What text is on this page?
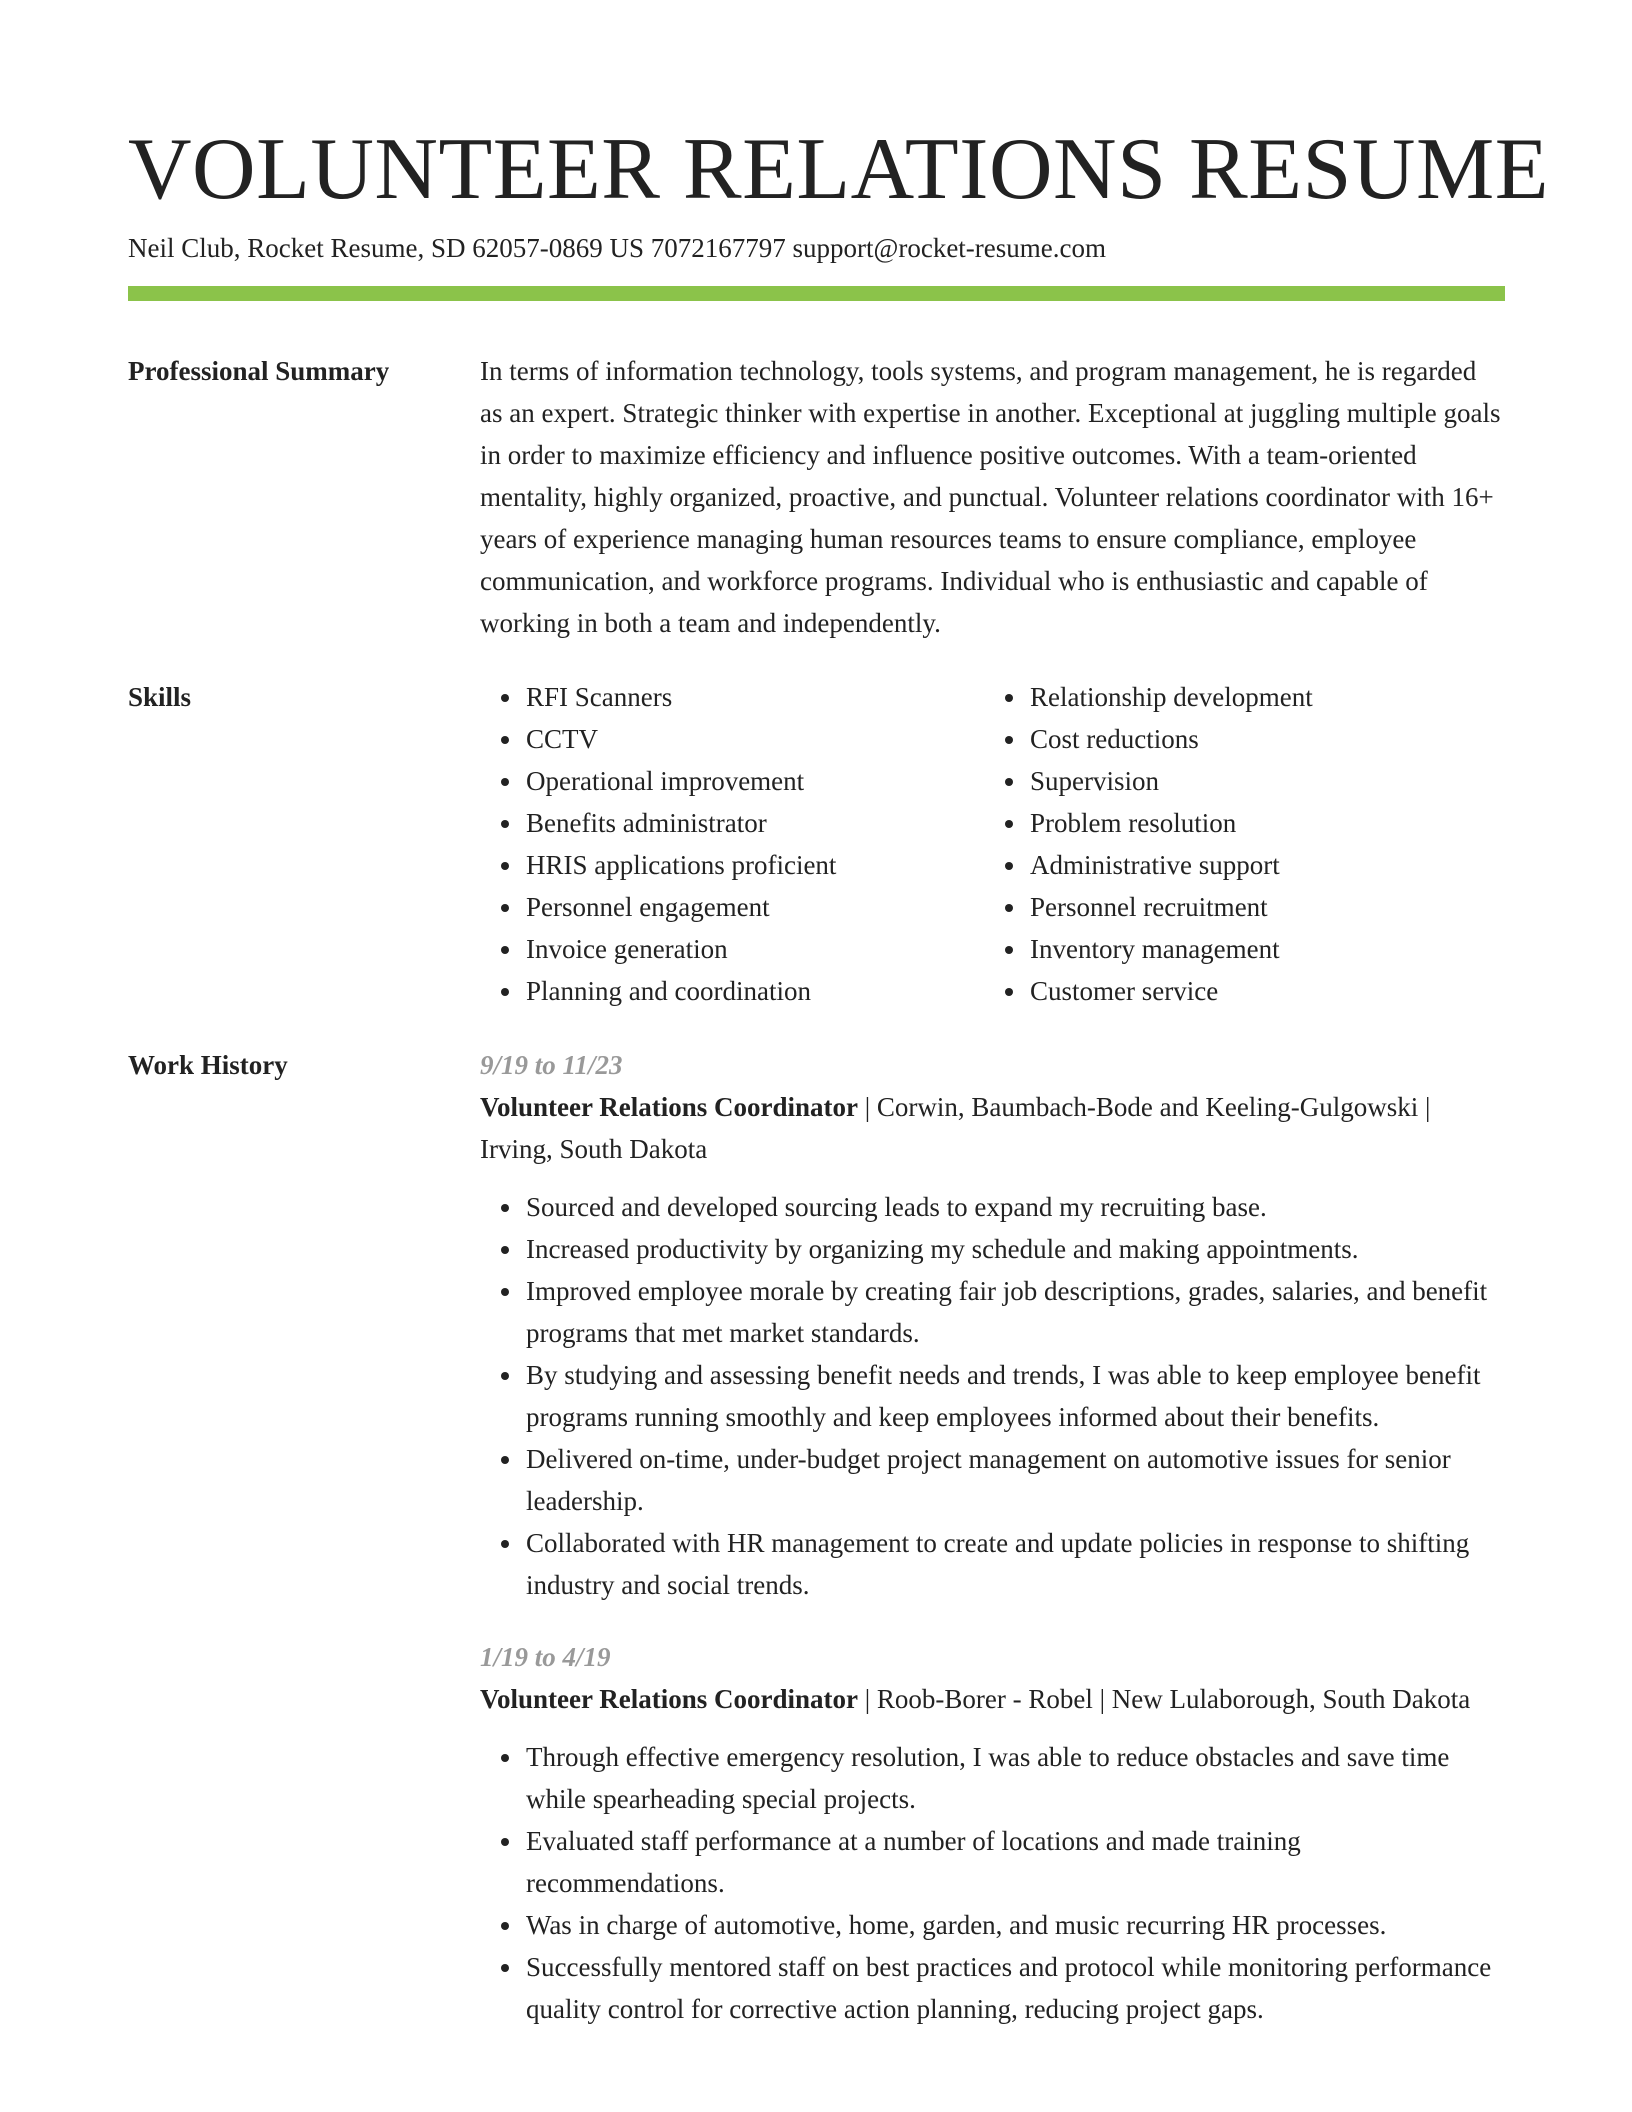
VOLUNTEER RELATIONS RESUME
Neil Club, Rocket Resume, SD 62057-0869 US 7072167797 support@rocket-resume.com
Professional Summary	In terms of information technology, tools systems, and program management, he is regarded as an expert. Strategic thinker with expertise in another. Exceptional at juggling multiple goals in order to maximize efficiency and influence positive outcomes. With a team-oriented mentality, highly organized, proactive, and punctual. Volunteer relations coordinator with 16+ years of experience managing human resources teams to ensure compliance, employee communication, and workforce programs. Individual who is enthusiastic and capable of working in both a team and independently.

Skills
•	RFI Scanners
• CCTV
• Operational improvement
• Benefits administrator
• HRIS applications proficient
• Personnel engagement
• Invoice generation
• Planning and coordination
• Relationship development
• Cost reductions
• Supervision
• Problem resolution
• Administrative support
• Personnel recruitment
• Inventory management
• Customer service
Work History	9/19 to 11/23
Volunteer Relations Coordinator | Corwin, Baumbach-Bode and Keeling-Gulgowski | Irving, South Dakota
• Sourced and developed sourcing leads to expand my recruiting base.
• Increased productivity by organizing my schedule and making appointments.
• Improved employee morale by creating fair job descriptions, grades, salaries, and benefit programs that met market standards.
• By studying and assessing benefit needs and trends, I was able to keep employee benefit programs running smoothly and keep employees informed about their benefits.
• Delivered on-time, under-budget project management on automotive issues for senior leadership.
• Collaborated with HR management to create and update policies in response to shifting industry and social trends.
1/19 to 4/19
Volunteer Relations Coordinator | Roob-Borer - Robel | New Lulaborough, South Dakota
• Through effective emergency resolution, I was able to reduce obstacles and save time while spearheading special projects.
• Evaluated staff performance at a number of locations and made training recommendations.
• Was in charge of automotive, home, garden, and music recurring HR processes.
• Successfully mentored staff on best practices and protocol while monitoring performance quality control for corrective action planning, reducing project gaps.
